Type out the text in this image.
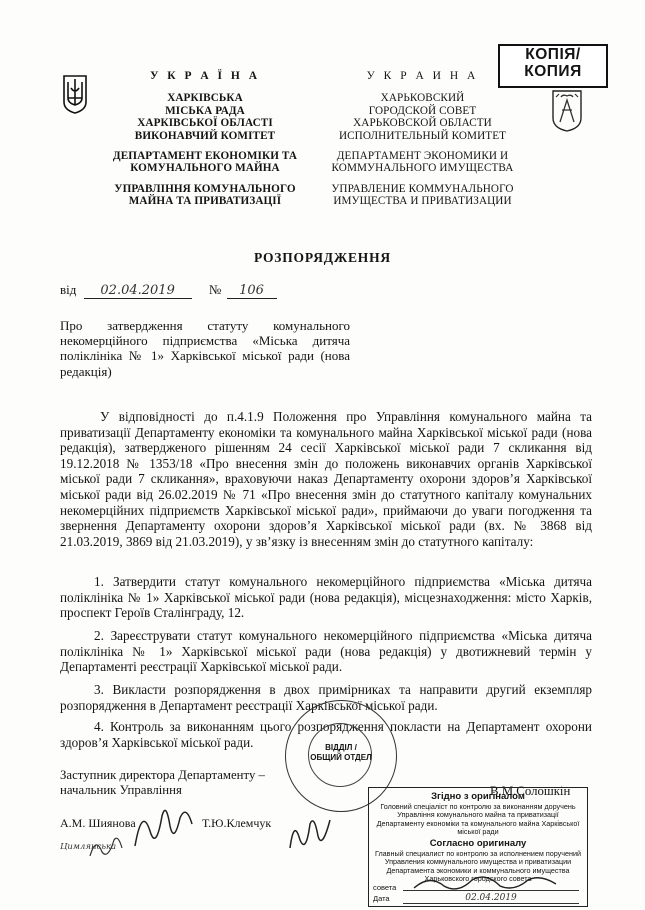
КОПІЯ/
КОПИЯ
У К Р А Ї Н А
ХАРКІВСЬКА
МІСЬКА РАДА
ХАРКІВСЬКОЇ ОБЛАСТІ
ВИКОНАВЧИЙ КОМІТЕТ
ДЕПАРТАМЕНТ ЕКОНОМІКИ ТА
КОМУНАЛЬНОГО МАЙНА
УПРАВЛІННЯ КОМУНАЛЬНОГО
МАЙНА ТА ПРИВАТИЗАЦІЇ
У К Р А И Н А
ХАРЬКОВСКИЙ
ГОРОДСКОЙ СОВЕТ
ХАРЬКОВСКОЙ ОБЛАСТИ
ИСПОЛНИТЕЛЬНЫЙ КОМИТЕТ
ДЕПАРТАМЕНТ ЭКОНОМИКИ И
КОММУНАЛЬНОГО ИМУЩЕСТВА
УПРАВЛЕНИЕ КОММУНАЛЬНОГО
ИМУЩЕСТВА И ПРИВАТИЗАЦИИ
РОЗПОРЯДЖЕННЯ
від 02.04.2019	№ 106
Про затвердження статуту комунального некомерційного підприємства «Міська дитяча поліклініка № 1» Харківської міської ради (нова редакція)
У відповідності до п.4.1.9 Положення про Управління комунального майна та приватизації Департаменту економіки та комунального майна Харківської міської ради (нова редакція), затвердженого рішенням 24 сесії Харківської міської ради 7 скликання від 19.12.2018 № 1353/18 «Про внесення змін до положень виконавчих органів Харківської міської ради 7 скликання», враховуючи наказ Департаменту охорони здоров’я Харківської міської ради від 26.02.2019 № 71 «Про внесення змін до статутного капіталу комунальних некомерційних підприємств Харківської міської ради», приймаючи до уваги погодження та звернення Департаменту охорони здоров’я Харківської міської ради (вх. № 3868 від 21.03.2019, 3869 від 21.03.2019), у зв’язку із внесенням змін до статутного капіталу:
1. Затвердити статут комунального некомерційного підприємства «Міська дитяча поліклініка № 1» Харківської міської ради (нова редакція), місцезнаходження: місто Харків, проспект Героїв Сталінграду, 12.
2. Зареєструвати статут комунального некомерційного підприємства «Міська дитяча поліклініка № 1» Харківської міської ради (нова редакція) у двотижневий термін у Департаменті реєстрації Харківської міської ради.
3. Викласти розпорядження в двох примірниках та направити другий екземпляр розпорядження в Департамент реєстрації Харківської міської ради.
4. Контроль за виконанням цього розпорядження покласти на Департамент охорони здоров’я Харківської міської ради.	ВІДДІЛ /
ОБЩИЙ ОТДЕЛ
Заступник директора Департаменту –
начальник Управління	В.М.Солошкін
А.М. Шиянова	Т.Ю.Клемчук
Цимлянська
Згідно з оригіналом
Головний спеціаліст по контролю за виконанням доручень Управління комунального майна та приватизації Департаменту економіки та комунального майна Харківської міської ради
Согласно оригиналу
Главный специалист по контролю за исполнением поручений Управления коммунального имущества и приватизации Департамента экономики и коммунального имущества Харьковского городского совета
совета
Дата	02.04.2019
